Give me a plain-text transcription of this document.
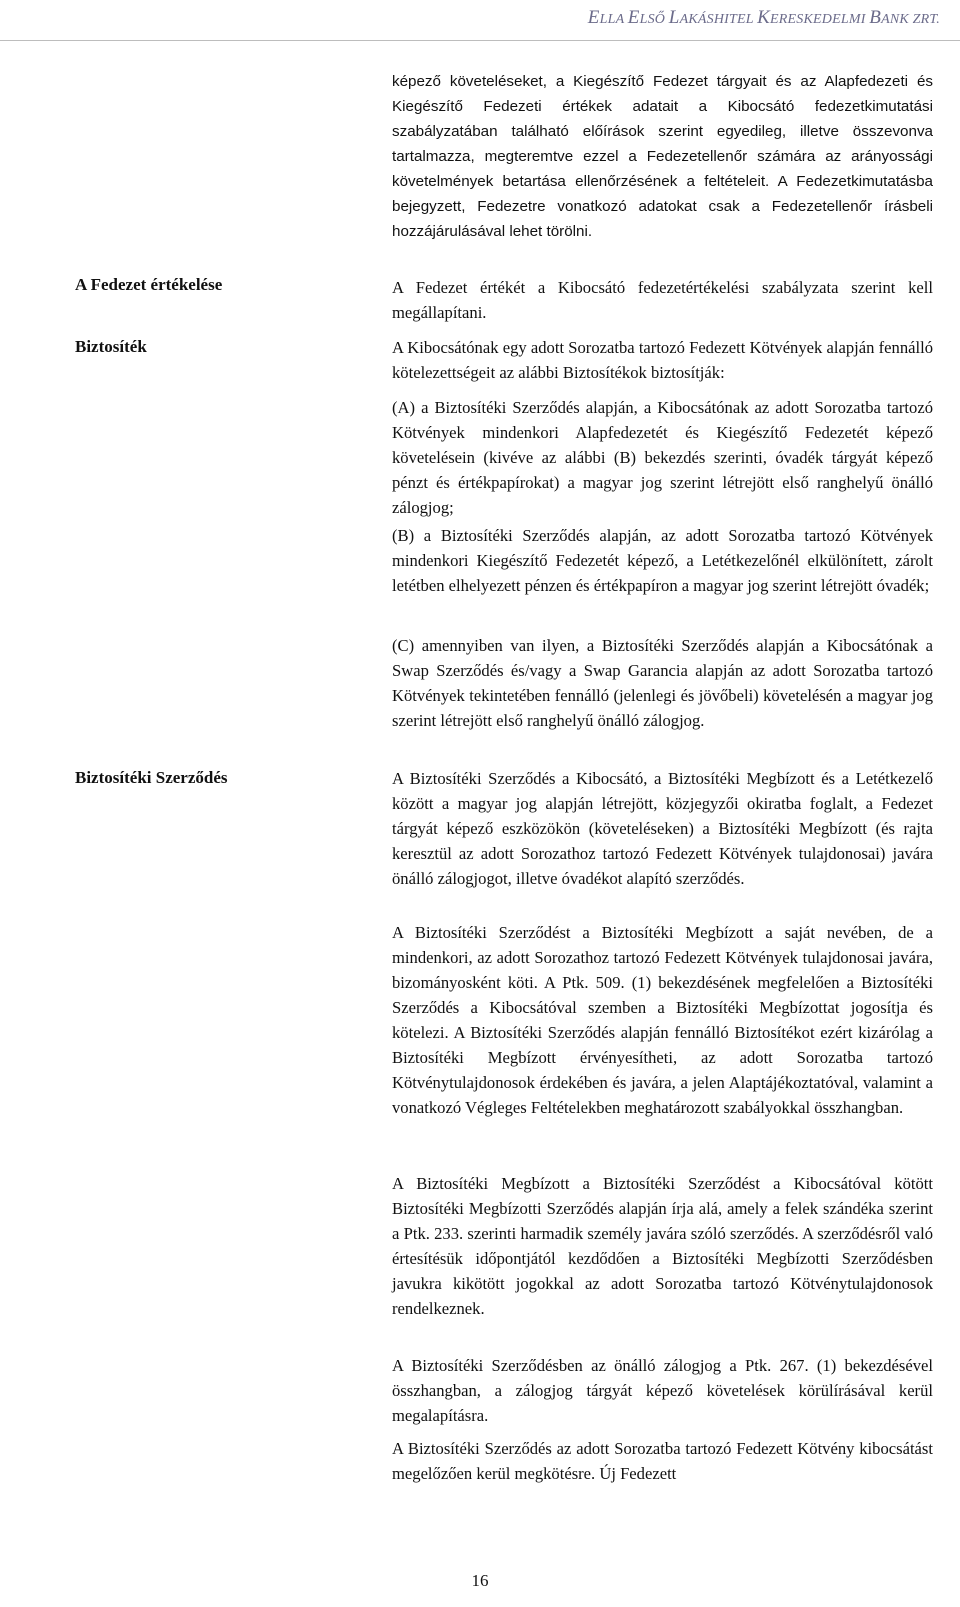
ELLA ELSŐ LAKÁSHITEL KERESKEDELMI BANK ZRT.
A Fedezet értékelése
Biztosíték
Biztosítéki Szerződés

képező követeléseket, a Kiegészítő Fedezet tárgyait és az Alapfedezeti és Kiegészítő Fedezeti értékek adatait a Kibocsátó fedezetkimutatási szabályzatában található előírások szerint egyedileg, illetve összevonva tartalmazza, megteremtve ezzel a Fedezetellenőr számára az arányossági követelmények betartása ellenőrzésének a feltételeit. A Fedezetkimutatásba bejegyzett, Fedezetre vonatkozó adatokat csak a Fedezetellenőr írásbeli hozzájárulásával lehet törölni.

A Fedezet értékét a Kibocsátó fedezetértékelési szabályzata szerint kell megállapítani.

A Kibocsátónak egy adott Sorozatba tartozó Fedezett Kötvények alapján fennálló kötelezettségeit az alábbi Biztosítékok biztosítják:

(A) a Biztosítéki Szerződés alapján, a Kibocsátónak az adott Sorozatba tartozó Kötvények mindenkori Alapfedezetét és Kiegészítő Fedezetét képező követelésein (kivéve az alábbi (B) bekezdés szerinti, óvadék tárgyát képező pénzt és értékpapírokat) a magyar jog szerint létrejött első ranghelyű önálló zálogjog;

(B) a Biztosítéki Szerződés alapján, az adott Sorozatba tartozó Kötvények mindenkori Kiegészítő Fedezetét képező, a Letétkezelőnél elkülönített, zárolt letétben elhelyezett pénzen és értékpapíron a magyar jog szerint létrejött óvadék;

(C) amennyiben van ilyen, a Biztosítéki Szerződés alapján a Kibocsátónak a Swap Szerződés és/vagy a Swap Garancia alapján az adott Sorozatba tartozó Kötvények tekintetében fennálló (jelenlegi és jövőbeli) követelésén a magyar jog szerint létrejött első ranghelyű önálló zálogjog.

A Biztosítéki Szerződés a Kibocsátó, a Biztosítéki Megbízott és a Letétkezelő között a magyar jog alapján létrejött, közjegyzői okiratba foglalt, a Fedezet tárgyát képező eszközökön (követeléseken) a Biztosítéki Megbízott (és rajta keresztül az adott Sorozathoz tartozó Fedezett Kötvények tulajdonosai) javára önálló zálogjogot, illetve óvadékot alapító szerződés.

A Biztosítéki Szerződést a Biztosítéki Megbízott a saját nevében, de a mindenkori, az adott Sorozathoz tartozó Fedezett Kötvények tulajdonosai javára, bizományosként köti. A Ptk. 509. (1) bekezdésének megfelelően a Biztosítéki Szerződés a Kibocsátóval szemben a Biztosítéki Megbízottat jogosítja és kötelezi. A Biztosítéki Szerződés alapján fennálló Biztosítékot ezért kizárólag a Biztosítéki Megbízott érvényesítheti, az adott Sorozatba tartozó Kötvénytulajdonosok érdekében és javára, a jelen Alaptájékoztatóval, valamint a vonatkozó Végleges Feltételekben meghatározott szabályokkal összhangban.

A Biztosítéki Megbízott a Biztosítéki Szerződést a Kibocsátóval kötött Biztosítéki Megbízotti Szerződés alapján írja alá, amely a felek szándéka szerint a Ptk. 233. szerinti harmadik személy javára szóló szerződés. A szerződésről való értesítésük időpontjától kezdődően a Biztosítéki Megbízotti Szerződésben javukra kikötött jogokkal az adott Sorozatba tartozó Kötvénytulajdonosok rendelkeznek.

A Biztosítéki Szerződésben az önálló zálogjog a Ptk. 267. (1) bekezdésével összhangban, a zálogjog tárgyát képező követelések körülírásával kerül megalapításra.

A Biztosítéki Szerződés az adott Sorozatba tartozó Fedezett Kötvény kibocsátást megelőzően kerül megkötésre. Új Fedezett

16
